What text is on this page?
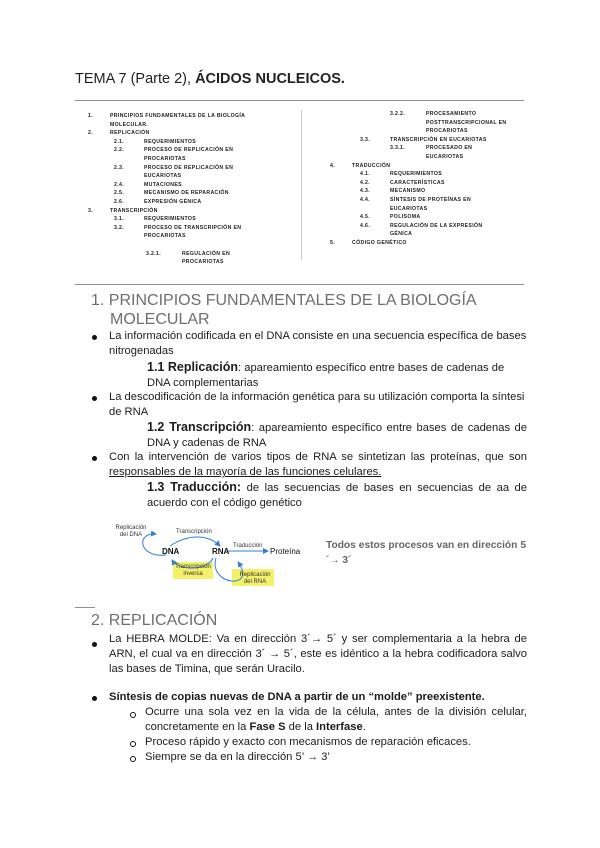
TEMA 7 (Parte 2), ÁCIDOS NUCLEICOS.
1.	PRINCIPIOS FUNDAMENTALES DE LA BIOLOGÍA
MOLECULAR.
2.	REPLICACIÓN
2.1.	REQUERIMIENTOS
2.2.	PROCESO DE REPLICACIÓN EN
PROCARIOTAS
2.3.	PROCESO DE REPLICACIÓN EN
EUCARIOTAS
2.4.	MUTACIONES
2.5.	MECANISMO DE REPARACIÓN
2.6.	EXPRESIÓN GÉNICA
3.	TRANSCRIPCIÓN
3.1.	REQUERIMIENTOS
3.2.	PROCESO DE TRANSCRIPCIÓN EN
PROCARIOTAS
3.2.1.	REGULACIÓN EN
PROCARIOTAS
3.2.2.	PROCESAMIENTO
POSTTRANSCRIPCIONAL EN
PROCARIOTAS
3.3.	TRANSCRIPCIÓN EN EUCARIOTAS
3.3.1.	PROCESADO EN
EUCARIOTAS
4.	TRADUCCIÓN
4.1.	REQUERIMIENTOS
4.2.	CARACTERÍSTICAS
4.3.	MECANISMO
4.4.	SÍNTESIS DE PROTEÍNAS EN
EUCARIOTAS
4.5.	POLISOMA
4.6.	REGULACIÓN DE LA EXPRESIÓN
GÉNICA
5.	CÓDIGO GENÉTICO
1. PRINCIPIOS FUNDAMENTALES DE LA BIOLOGÍA
MOLECULAR
La información codificada en el DNA consiste en una secuencia específica de bases nitrogenadas
1.1 Replicación: apareamiento específico entre bases de cadenas de DNA complementarias
La descodificación de la información genética para su utilización comporta la síntesi de RNA
1.2 Transcripción: apareamiento específico entre bases de cadenas de DNA y cadenas de RNA
Con la intervención de varios tipos de RNA se sintetizan las proteínas, que son responsables de la mayoría de las funciones celulares.
1.3 Traducción: de las secuencias de bases en secuencias de aa de acuerdo con el código genético
Replicación del DNA	Transcripción
DNA	RNA
Traducción
Proteína
Transcripción inversa	Replicación del RNA
Todos estos procesos van en dirección 5´→ 3´
2. REPLICACIÓN
La HEBRA MOLDE: Va en dirección 3´→ 5´ y ser complementaria a la hebra de ARN, el cual va en dirección 3´ → 5´, este es idéntico a la hebra codificadora salvo las bases de Timina, que serán Uracilo.
Síntesis de copias nuevas de DNA a partir de un “molde” preexistente.
Ocurre una sola vez en la vida de la célula, antes de la división celular, concretamente en la Fase S de la Interfase.
Proceso rápido y exacto con mecanismos de reparación eficaces.
Siempre se da en la dirección 5’ → 3’
